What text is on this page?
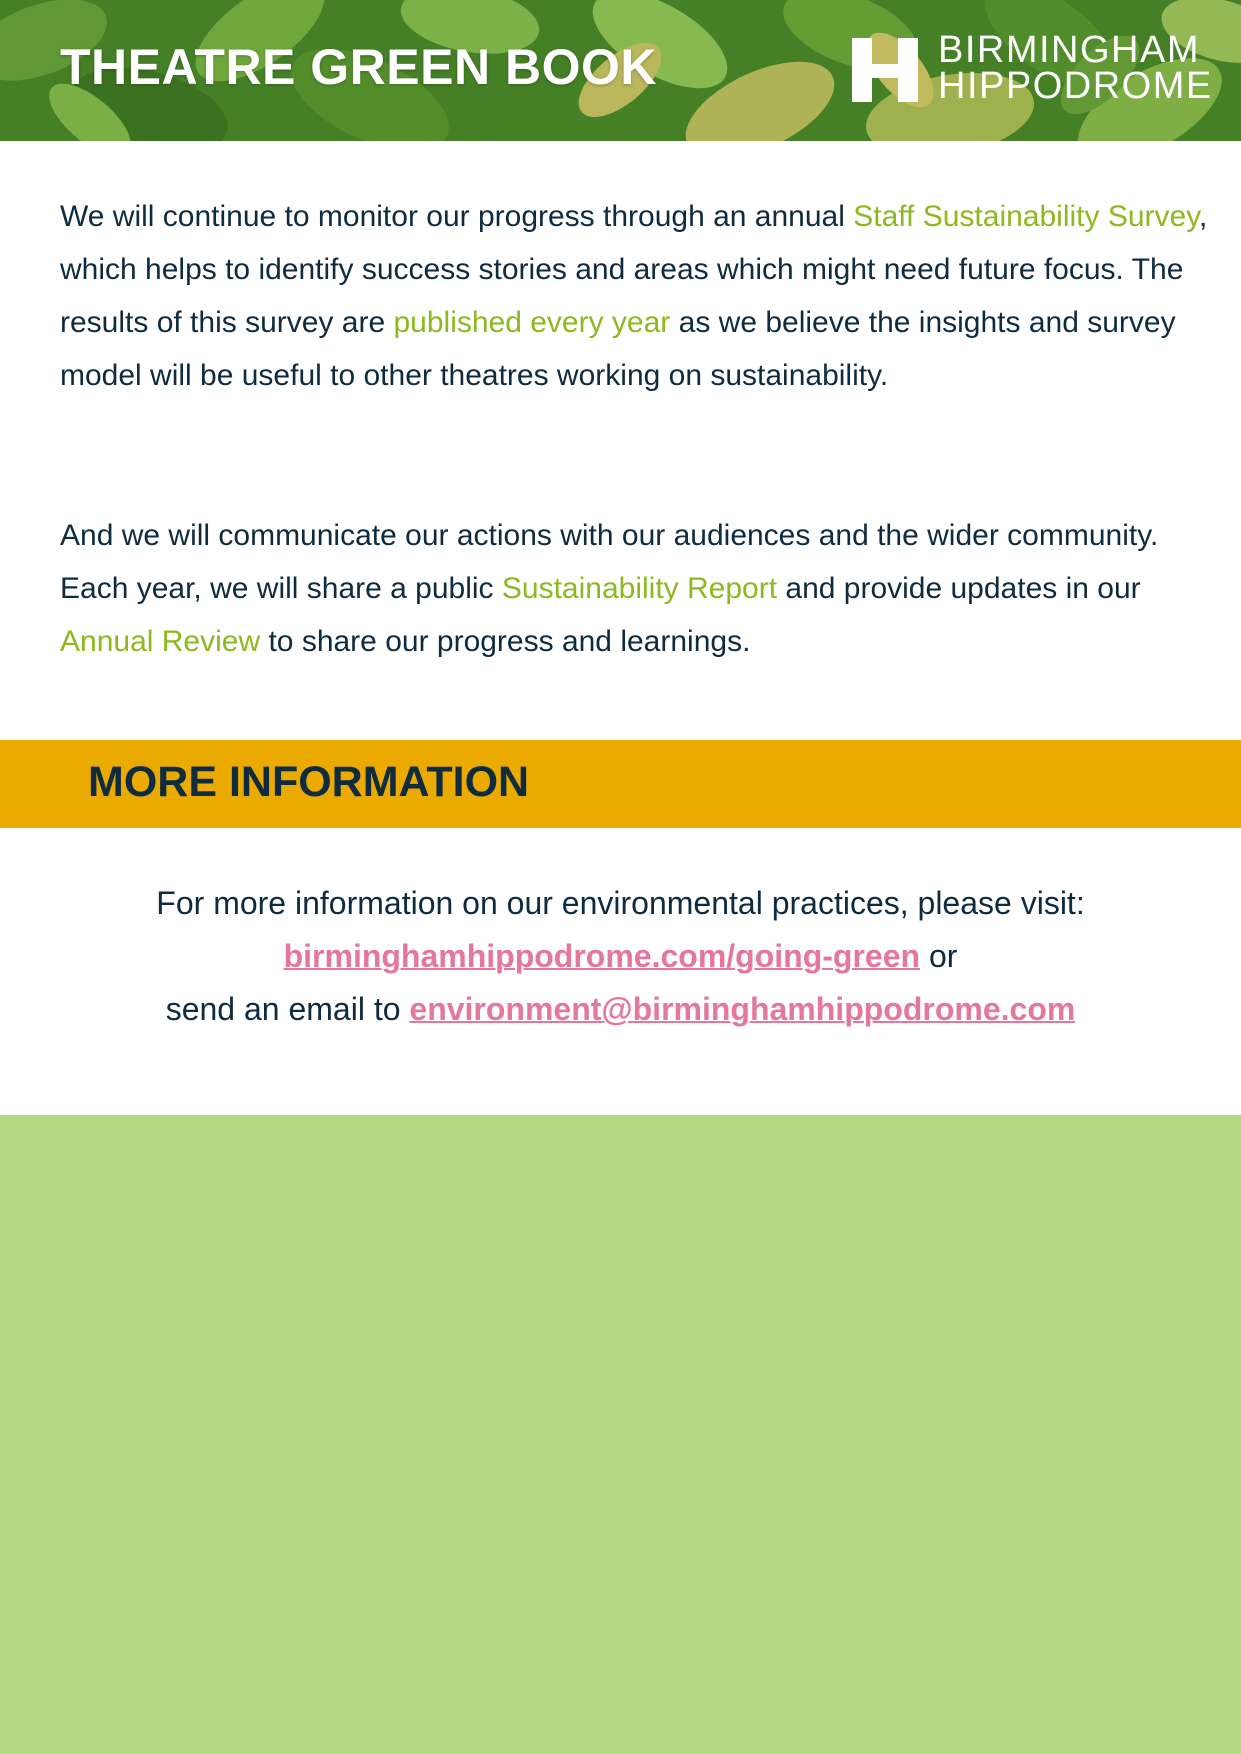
THEATRE GREEN BOOK	BIRMINGHAM
HIPPODROME
We will continue to monitor our progress through an annual Staff Sustainability Survey, which helps to identify success stories and areas which might need future focus. The results of this survey are published every year as we believe the insights and survey model will be useful to other theatres working on sustainability.
And we will communicate our actions with our audiences and the wider community. Each year, we will share a public Sustainability Report and provide updates in our Annual Review to share our progress and learnings.
MORE INFORMATION
For more information on our environmental practices, please visit:
birminghamhippodrome.com/going-green or
send an email to environment@birminghamhippodrome.com
